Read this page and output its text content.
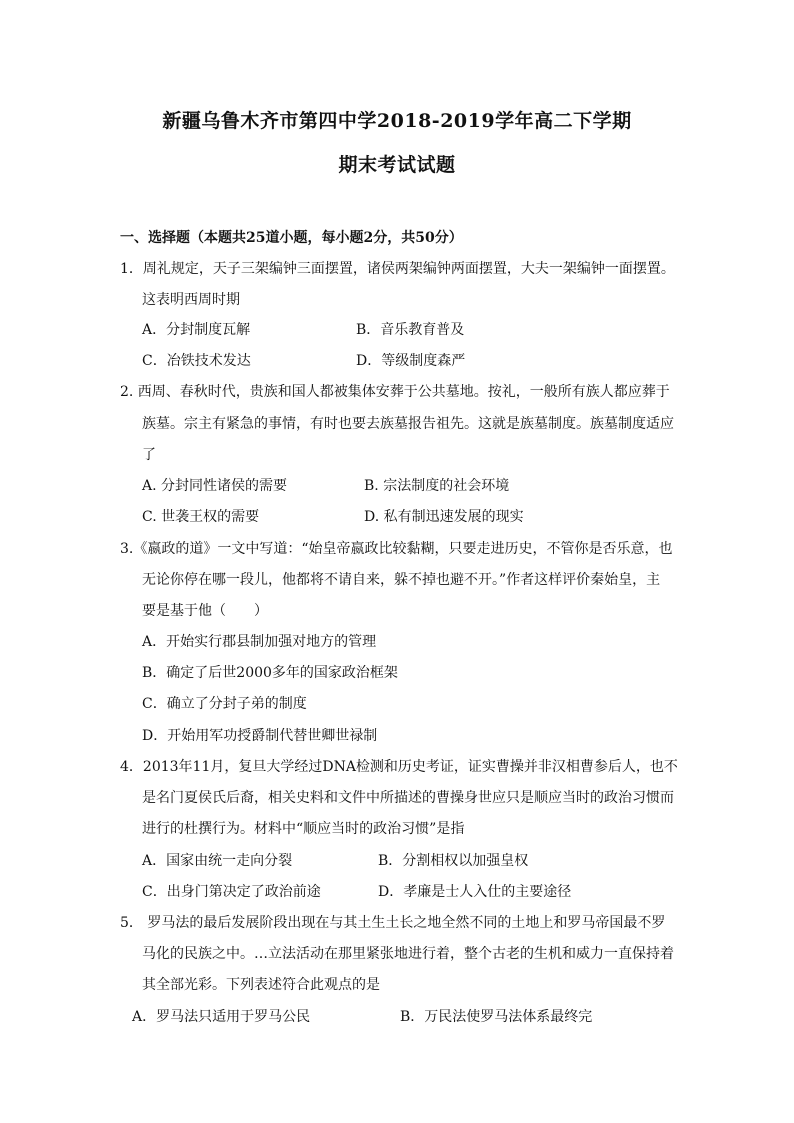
新疆乌鲁木齐市第四中学2018-2019学年高二下学期
期末考试试题
一、选择题（本题共25道小题，每小题2分，共50分）
1．周礼规定，天子三架编钟三面摆置，诸侯两架编钟两面摆置，大夫一架编钟一面摆置。
这表明西周时期
A．分封制度瓦解	B．音乐教育普及
C．冶铁技术发达	D．等级制度森严
2. 西周、春秋时代，贵族和国人都被集体安葬于公共墓地。按礼，一般所有族人都应葬于
族墓。宗主有紧急的事情，有时也要去族墓报告祖先。这就是族墓制度。族墓制度适应
了
A. 分封同性诸侯的需要	B. 宗法制度的社会环境
C. 世袭王权的需要	D. 私有制迅速发展的现实
3.《嬴政的道》一文中写道：“始皇帝嬴政比较黏糊，只要走进历史，不管你是否乐意，也
无论你停在哪一段儿，他都将不请自来，躲不掉也避不开。”作者这样评价秦始皇，主
要是基于他（　　）
A．开始实行郡县制加强对地方的管理
B．确定了后世2000多年的国家政治框架
C．确立了分封子弟的制度
D．开始用军功授爵制代替世卿世禄制
4．2013年11月，复旦大学经过DNA检测和历史考证，证实曹操并非汉相曹参后人，也不
是名门夏侯氏后裔，相关史料和文件中所描述的曹操身世应只是顺应当时的政治习惯而
进行的杜撰行为。材料中“顺应当时的政治习惯”是指
A．国家由统一走向分裂	B．分割相权以加强皇权
C．出身门第决定了政治前途	D．孝廉是士人入仕的主要途径
5． 罗马法的最后发展阶段出现在与其土生土长之地全然不同的土地上和罗马帝国最不罗
马化的民族之中。…立法活动在那里紧张地进行着，整个古老的生机和威力一直保持着
其全部光彩。下列表述符合此观点的是
A．罗马法只适用于罗马公民	B．万民法使罗马法体系最终完
